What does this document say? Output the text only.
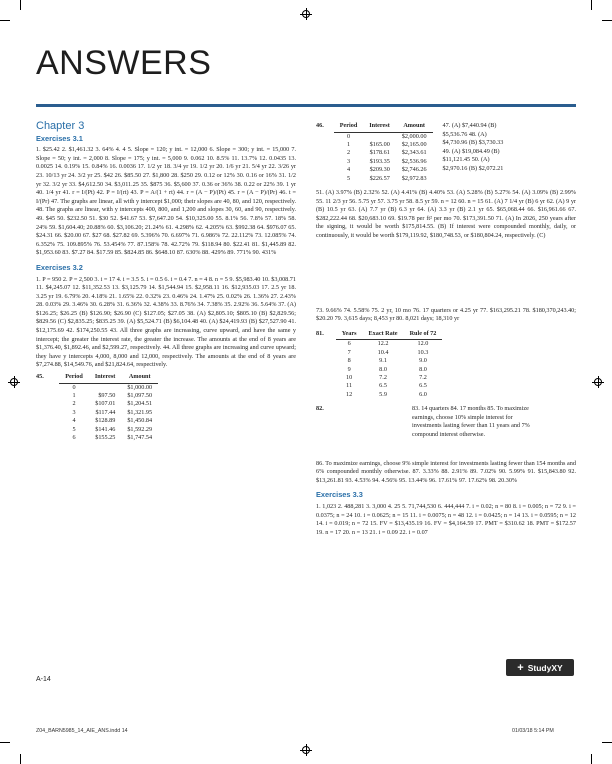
ANSWERS
Chapter 3
Exercises 3.1

1. $25.42 2. $1,461.32 3. 64% 4. 4 5. Slope = 120; y int. = 12,000 6. Slope = 300; y int. = 15,000 7. Slope = 50; y int. = 2,000 8. Slope = 175; y int. = 5,000 9. 0.062 10. 8.5% 11. 13.7% 12. 0.0435 13. 0.0025 14. 0.19% 15. 0.84% 16. 0.0036 17. 1/2 yr 18. 3/4 yr 19. 1/2 yr 20. 1/6 yr 21. 5/4 yr 22. 3/26 yr 23. 10/13 yr 24. 3/2 yr 25. $42 26. $85.50 27. $1,800 28. $250 29. 0.12 or 12% 30. 0.16 or 16% 31. 1/2 yr 32. 3/2 yr 33. $4,612.50 34. $3,011.25 35. $875 36. $5,600 37. 0.36 or 36% 38. 0.22 or 22% 39. 1 yr 40. 1/4 yr 41. r = I/(Pt) 42. P = I/(rt) 43. P = A/(1 + rt) 44. r = (A − P)/(Pt) 45. r = (A − P)/(Pr) 46. t = I/(Pr) 47. The graphs are linear, all with y intercept $1,000; their slopes are 40, 80, and 120, respectively. 48. The graphs are linear, with y intercepts 400, 800, and 1,200 and slopes 30, 60, and 90, respectively. 49. $45 50. $232.50 51. $30 52. $41.67 53. $7,647.20 54. $10,325.00 55. 8.1% 56. 7.8% 57. 18% 58. 24% 59. $1,604.40; 20.88% 60. $3,106.20; 21.24% 61. 4.298% 62. 4.205% 63. $992.38 64. $976.07 65. $24.31 66. $20.00 67. $27 68. $27.82 69. 5.396% 70. 6.697% 71. 6.986% 72. 22.112% 73. 12.085% 74. 6.352% 75. 109.895% 76. 53.454% 77. 87.158% 78. 42.72% 79. $118.94 80. $22.41 81. $1,445.89 82. $1,953.60 83. $7.27 84. $17.59 85. $824.85 86. $648.10 87. 630% 88. 429% 89. 771% 90. 431%

Exercises 3.2

1. P = 950 2. P = 2,500 3. i = 17 4. i = 3.5 5. i = 0.5 6. i = 0.4 7. n = 4 8. n = 5 9. $5,983.40 10. $3,008.71 11. $4,245.07 12. $11,352.53 13. $3,125.79 14. $1,544.94 15. $2,958.11 16. $12,935.03 17. 2.5 yr 18. 3.25 yr 19. 6.79% 20. 4.18% 21. 1.65% 22. 0.32% 23. 0.46% 24. 1.47% 25. 0.02% 26. 1.36% 27. 2.43% 28. 0.03% 29. 3.46% 30. 6.28% 31. 6.36% 32. 4.38% 33. 8.76% 34. 7.38% 35. 2.92% 36. 5.64% 37. (A) $126.25; $26.25 (B) $126.90; $26.90 (C) $127.05; $27.05 38. (A) $2,805.10; $805.10 (B) $2,829.56; $829.56 (C) $2,835.25; $835.25 39. (A) $5,524.71 (B) $6,104.48 40. (A) $24,419.93 (B) $27,527.90 41. $12,175.69 42. $174,250.55 43. All three graphs are increasing, curve upward, and have the same y intercept; the greater the interest rate, the greater the increase. The amounts at the end of 8 years are $1,376.40, $1,892.46, and $2,599.27, respectively. 44. All three graphs are increasing and curve upward; they have y intercepts 4,000, 8,000 and 12,000, respectively. The amounts at the end of 8 years are $7,274.88, $14,549.76, and $21,824.64, respectively.

45.	Period	Interest	Amount
0		$1,000.00
1	$97.50	$1,097.50
2	$107.01	$1,204.51
3	$117.44	$1,321.95
4	$128.89	$1,450.84
5	$141.46	$1,592.29
6	$155.25	$1,747.54
46.	Period	Interest	Amount
0		$2,000.00
1	$165.00	$2,165.00
2	$178.61	$2,343.61
3	$193.35	$2,536.96
4	$209.30	$2,746.26
5	$226.57	$2,972.83

47. (A) $7,440.94 (B) $5,536.76 48. (A) $4,730.96 (B) $3,730.33 49. (A) $19,084.49 (B) $11,121.45 50. (A) $2,970.16 (B) $2,072.21

51. (A) 3.97% (B) 2.32% 52. (A) 4.41% (B) 4.40% 53. (A) 5.28% (B) 5.27% 54. (A) 3.09% (B) 2.99% 55. 11 2/3 yr 56. 5.75 yr 57. 3.75 yr 58. 8.5 yr 59. n = 12 60. n = 15 61. (A) 7 1/4 yr (B) 6 yr 62. (A) 9 yr (B) 10.5 yr 63. (A) 7.7 yr (B) 6.3 yr 64. (A) 3.3 yr (B) 2.1 yr 65. $65,068.44 66. $16,961.66 67. $282,222.44 68. $20,683.10 69. $19.78 per ft² per mo 70. $173,391.50 71. (A) In 2026, 250 years after the signing, it would be worth $175,814.55. (B) If interest were compounded monthly, daily, or continuously, it would be worth $179,119.92, $180,748.53, or $180,804.24, respectively. (C)

73. 9.66% 74. 5.58% 75. 2 yr, 10 mo 76. 17 quarters or 4.25 yr 77. $163,295.21 78. $180,370,243.40; $20.20 79. 3,615 days; 8,453 yr 80. 8,021 days; 18,310 yr

81.	Years	Exact Rate	Rule of 72
6	12.2	12.0
7	10.4	10.3
8	9.1	9.0
9	8.0	8.0
10	7.2	7.2
11	6.5	6.5
12	5.9	6.0
82.	83. 14 quarters 84. 17 months 85. To maximize earnings, choose 10% simple interest for investments lasting fewer than 11 years and 7% compound interest otherwise.

86. To maximize earnings, choose 9% simple interest for investments lasting fewer than 154 months and 6% compounded monthly otherwise. 87. 3.33% 88. 2.91% 89. 7.02% 90. 5.99% 91. $15,843.80 92. $13,261.81 93. 4.53% 94. 4.56% 95. 13.44% 96. 17.61% 97. 17.62% 98. 20.30%

Exercises 3.3

1. 1,023 2. 488,281 3. 3,000 4. 25 5. 71,744,530 6. 444,444 7. i = 0.02; n = 80 8. i = 0.005; n = 72 9. i = 0.0375; n = 24 10. i = 0.0625; n = 15 11. i = 0.0075; n = 48 12. i = 0.0425; n = 14 13. i = 0.0595; n = 12 14. i = 0.019; n = 72 15. FV = $13,435.19 16. FV = $4,164.59 17. PMT = $310.62 18. PMT = $172.57 19. n = 17 20. n = 13 21. i = 0.09 22. i = 0.07

A-14
+ StudyXY
Z04_BARN5985_14_AIE_ANS.indd 14	01/03/18 5:14 PM
